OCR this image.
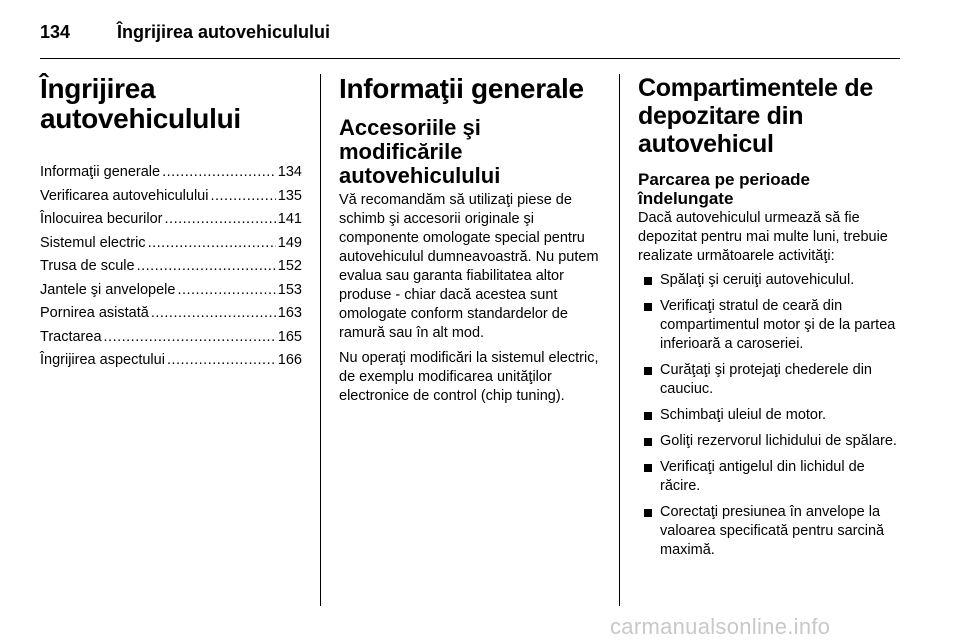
134	Îngrijirea autovehiculului
Îngrijirea autovehiculului
Informaţii generale .....	134
Verificarea autovehiculului .....	135
Înlocuirea becurilor .....	141
Sistemul electric .....	149
Trusa de scule .....	152
Jantele şi anvelopele .....	153
Pornirea asistată .....	163
Tractarea .....	165
Îngrijirea aspectului .....	166
Informaţii generale
Accesoriile şi modificările autovehiculului

Vă recomandăm să utilizaţi piese de schimb şi accesorii originale şi componente omologate special pentru autovehiculul dumneavoastră. Nu putem evalua sau garanta fiabilitatea altor produse - chiar dacă acestea sunt omologate conform standardelor de ramură sau în alt mod.

Nu operaţi modificări la sistemul electric, de exemplu modificarea unităţilor electronice de control (chip tuning).

Compartimentele de depozitare din autovehicul
Parcarea pe perioade îndelungate

Dacă autovehiculul urmează să fie depozitat pentru mai multe luni, trebuie realizate următoarele activităţi:

Spălaţi şi ceruiţi autovehiculul.
Verificaţi stratul de ceară din compartimentul motor şi de la partea inferioară a caroseriei.
Curăţaţi şi protejaţi chederele din cauciuc.
Schimbaţi uleiul de motor.
Goliţi rezervorul lichidului de spălare.
Verificaţi antigelul din lichidul de răcire.
Corectaţi presiunea în anvelope la valoarea specificată pentru sarcină maximă.
carmanualsonline.info
